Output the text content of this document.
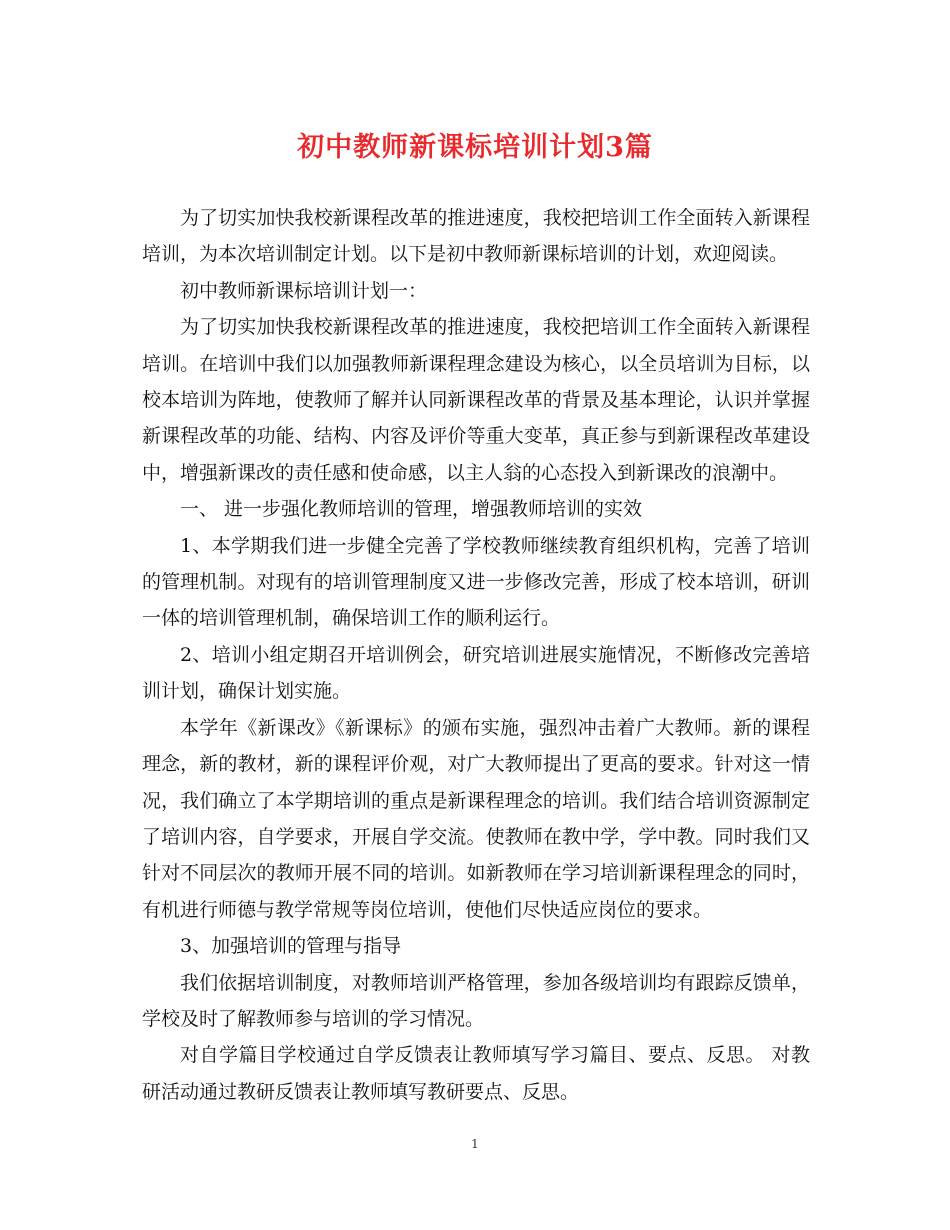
初中教师新课标培训计划3篇

为了切实加快我校新课程改革的推进速度，我校把培训工作全面转入新课程培训，为本次培训制定计划。以下是初中教师新课标培训的计划，欢迎阅读。

初中教师新课标培训计划一：

为了切实加快我校新课程改革的推进速度，我校把培训工作全面转入新课程培训。在培训中我们以加强教师新课程理念建设为核心，以全员培训为目标，以校本培训为阵地，使教师了解并认同新课程改革的背景及基本理论，认识并掌握新课程改革的功能、结构、内容及评价等重大变革，真正参与到新课程改革建设中，增强新课改的责任感和使命感，以主人翁的心态投入到新课改的浪潮中。

一、 进一步强化教师培训的管理，增强教师培训的实效

1、本学期我们进一步健全完善了学校教师继续教育组织机构，完善了培训的管理机制。对现有的培训管理制度又进一步修改完善，形成了校本培训，研训一体的培训管理机制，确保培训工作的顺利运行。

2、培训小组定期召开培训例会，研究培训进展实施情况，不断修改完善培训计划，确保计划实施。

本学年《新课改》《新课标》的颁布实施，强烈冲击着广大教师。新的课程理念，新的教材，新的课程评价观，对广大教师提出了更高的要求。针对这一情况，我们确立了本学期培训的重点是新课程理念的培训。我们结合培训资源制定了培训内容，自学要求，开展自学交流。使教师在教中学，学中教。同时我们又针对不同层次的教师开展不同的培训。如新教师在学习培训新课程理念的同时，有机进行师德与教学常规等岗位培训，使他们尽快适应岗位的要求。

3、加强培训的管理与指导

我们依据培训制度，对教师培训严格管理，参加各级培训均有跟踪反馈单，学校及时了解教师参与培训的学习情况。

对自学篇目学校通过自学反馈表让教师填写学习篇目、要点、反思。 对教研活动通过教研反馈表让教师填写教研要点、反思。

1
